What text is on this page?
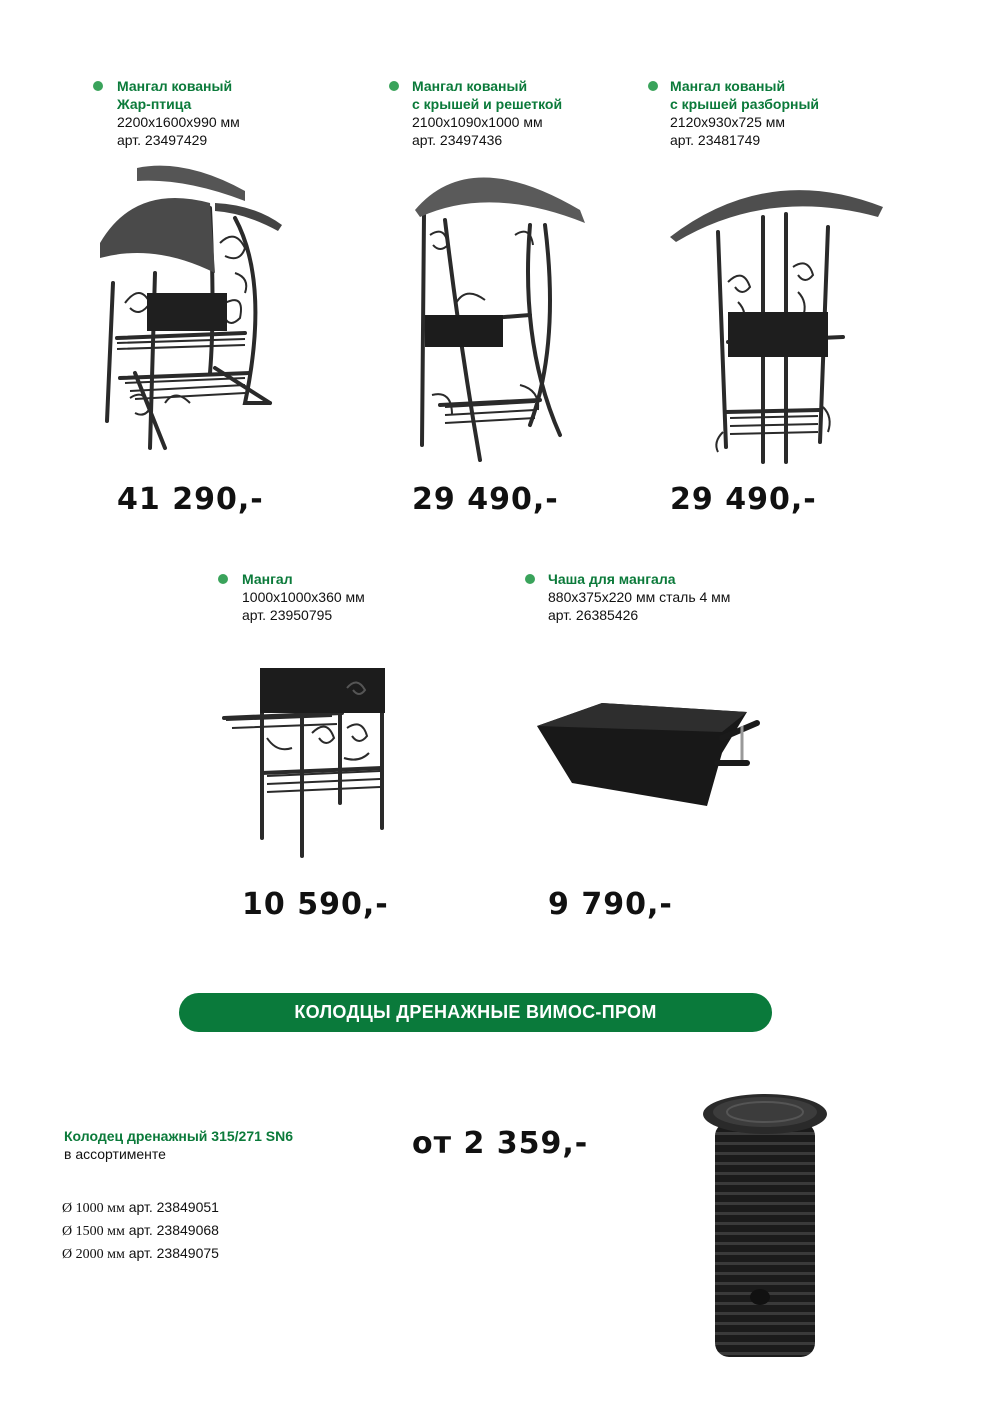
Мангал кованый
Жар-птица
2200x1600x990 мм
арт. 23497429
41 290,-
Мангал кованый
с крышей и решеткой
2100x1090x1000 мм
арт. 23497436
29 490,-
Мангал кованый
с крышей разборный
2120x930x725 мм
арт. 23481749
29 490,-
Мангал
1000x1000x360 мм
арт. 23950795
10 590,-
Чаша для мангала
880x375x220 мм сталь 4 мм
арт. 26385426
9 790,-
КОЛОДЦЫ ДРЕНАЖНЫЕ ВИМОС-ПРОМ
Колодец дренажный 315/271 SN6
в ассортименте	от 2 359,-
Ø 1000 мм арт. 23849051
Ø 1500 мм арт. 23849068
Ø 2000 мм арт. 23849075
